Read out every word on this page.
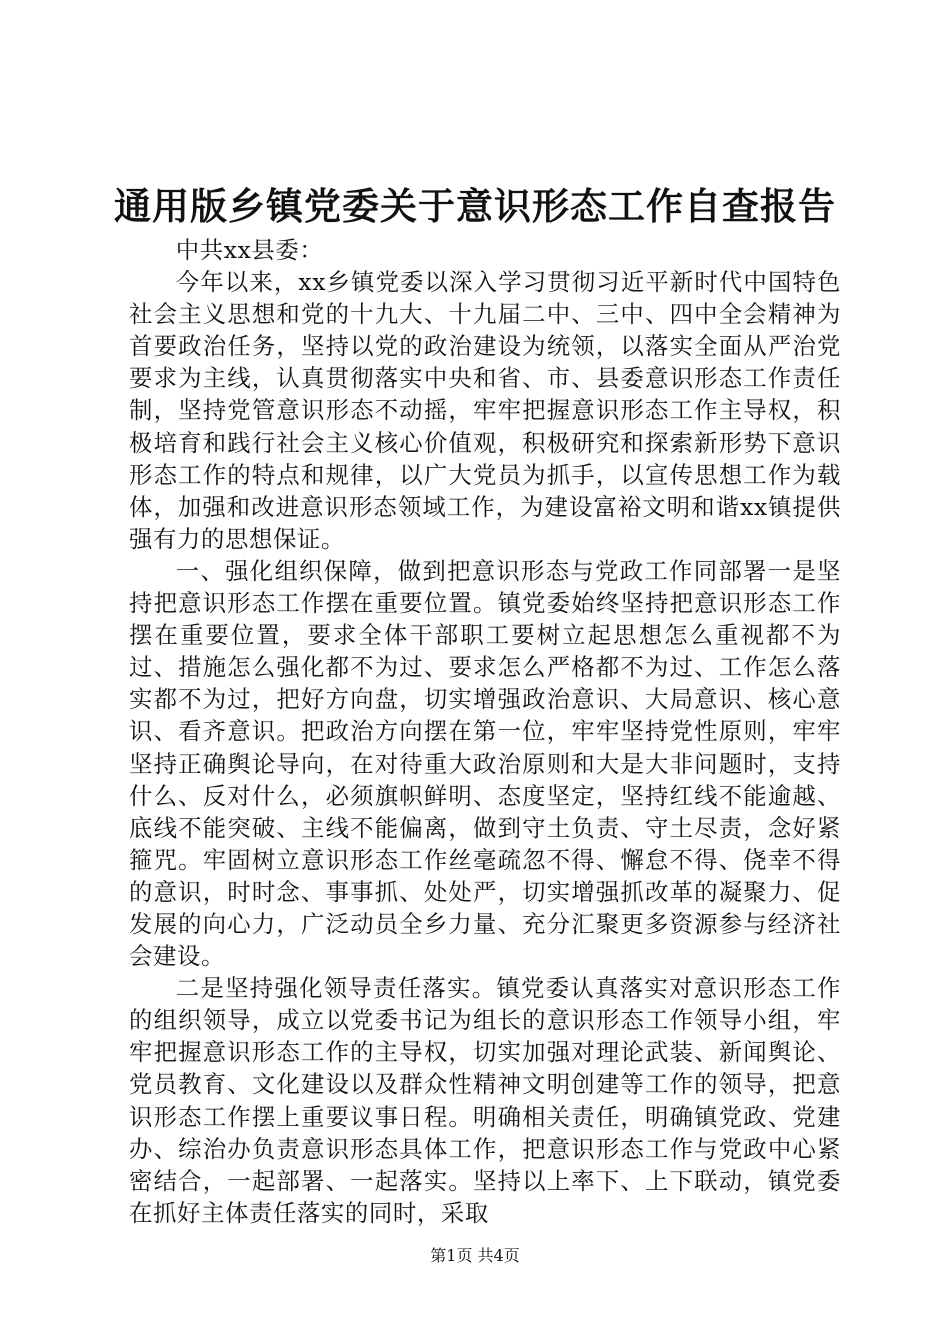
通用版乡镇党委关于意识形态工作自查报告

中共xx县委：

今年以来，xx乡镇党委以深入学习贯彻习近平新时代中国特色社会主义思想和党的十九大、十九届二中、三中、四中全会精神为首要政治任务，坚持以党的政治建设为统领，以落实全面从严治党要求为主线，认真贯彻落实中央和省、市、县委意识形态工作责任制，坚持党管意识形态不动摇，牢牢把握意识形态工作主导权，积极培育和践行社会主义核心价值观，积极研究和探索新形势下意识形态工作的特点和规律，以广大党员为抓手，以宣传思想工作为载体，加强和改进意识形态领域工作，为建设富裕文明和谐xx镇提供强有力的思想保证。

一、强化组织保障，做到把意识形态与党政工作同部署一是坚持把意识形态工作摆在重要位置。镇党委始终坚持把意识形态工作摆在重要位置，要求全体干部职工要树立起思想怎么重视都不为过、措施怎么强化都不为过、要求怎么严格都不为过、工作怎么落实都不为过，把好方向盘，切实增强政治意识、大局意识、核心意识、看齐意识。把政治方向摆在第一位，牢牢坚持党性原则，牢牢坚持正确舆论导向，在对待重大政治原则和大是大非问题时，支持什么、反对什么，必须旗帜鲜明、态度坚定，坚持红线不能逾越、底线不能突破、主线不能偏离，做到守土负责、守土尽责，念好紧箍咒。牢固树立意识形态工作丝毫疏忽不得、懈怠不得、侥幸不得的意识，时时念、事事抓、处处严，切实增强抓改革的凝聚力、促发展的向心力，广泛动员全乡力量、充分汇聚更多资源参与经济社会建设。

二是坚持强化领导责任落实。镇党委认真落实对意识形态工作的组织领导，成立以党委书记为组长的意识形态工作领导小组，牢牢把握意识形态工作的主导权，切实加强对理论武装、新闻舆论、党员教育、文化建设以及群众性精神文明创建等工作的领导，把意识形态工作摆上重要议事日程。明确相关责任，明确镇党政、党建办、综治办负责意识形态具体工作，把意识形态工作与党政中心紧密结合，一起部署、一起落实。坚持以上率下、上下联动，镇党委在抓好主体责任落实的同时，采取

第1页 共4页
